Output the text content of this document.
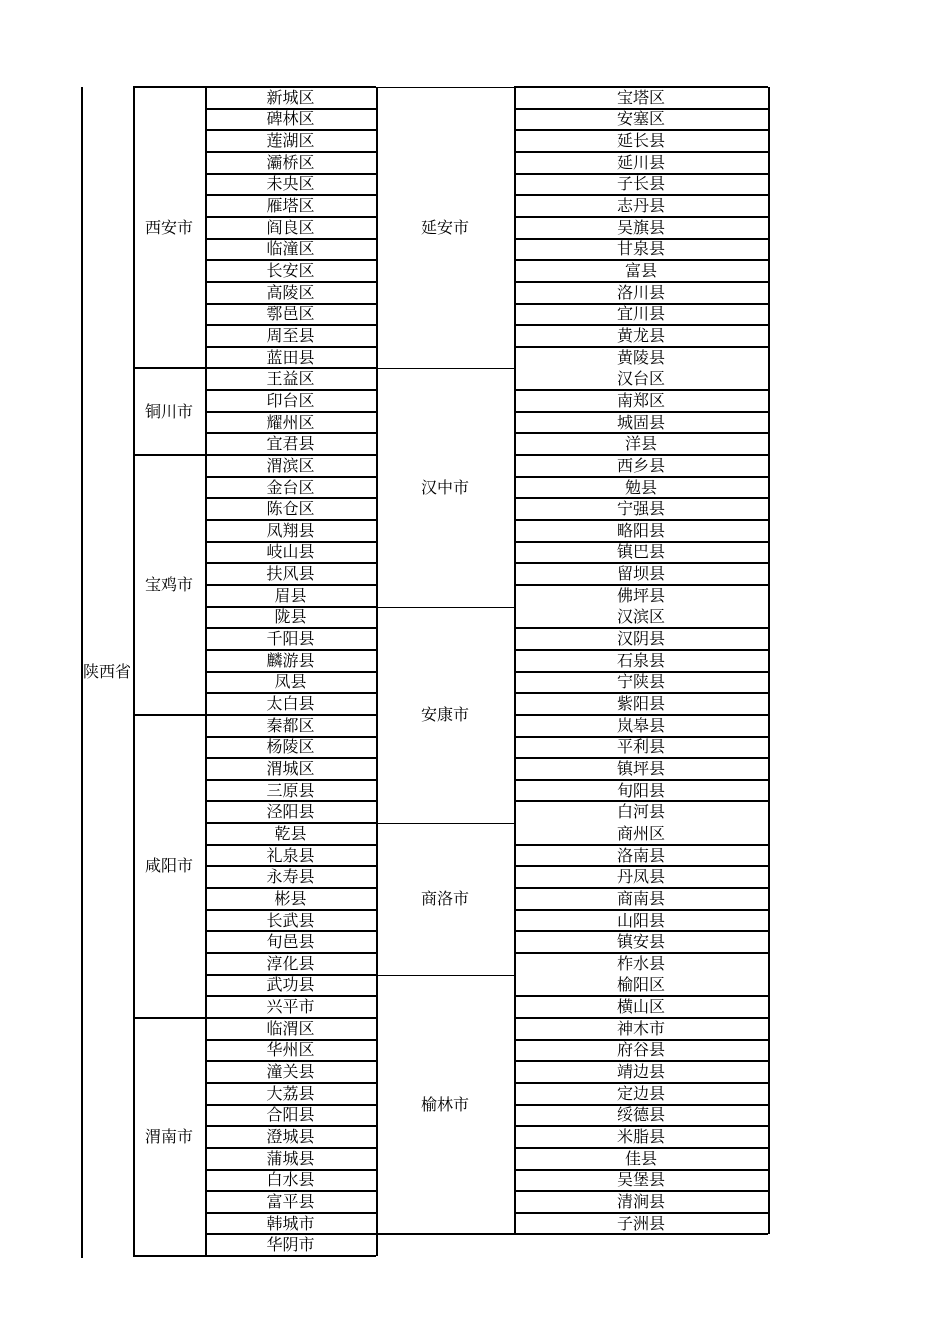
陕西省
西安市
新城区
碑林区
莲湖区
灞桥区
未央区
雁塔区
阎良区
临潼区
长安区
高陵区
鄠邑区
周至县
蓝田县
铜川市
王益区
印台区
耀州区
宜君县
宝鸡市
渭滨区
金台区
陈仓区
凤翔县
岐山县
扶风县
眉县
陇县
千阳县
麟游县
凤县
太白县
咸阳市
秦都区
杨陵区
渭城区
三原县
泾阳县
乾县
礼泉县
永寿县
彬县
长武县
旬邑县
淳化县
武功县
兴平市
渭南市
临渭区
华州区
潼关县
大荔县
合阳县
澄城县
蒲城县
白水县
富平县
韩城市
华阴市
延安市
宝塔区
安塞区
延长县
延川县
子长县
志丹县
吴旗县
甘泉县
富县
洛川县
宜川县
黄龙县
黄陵县
汉中市
汉台区
南郑区
城固县
洋县
西乡县
勉县
宁强县
略阳县
镇巴县
留坝县
佛坪县
安康市
汉滨区
汉阴县
石泉县
宁陕县
紫阳县
岚皋县
平利县
镇坪县
旬阳县
白河县
商洛市
商州区
洛南县
丹凤县
商南县
山阳县
镇安县
柞水县
榆林市
榆阳区
横山区
神木市
府谷县
靖边县
定边县
绥德县
米脂县
佳县
吴堡县
清涧县
子洲县
